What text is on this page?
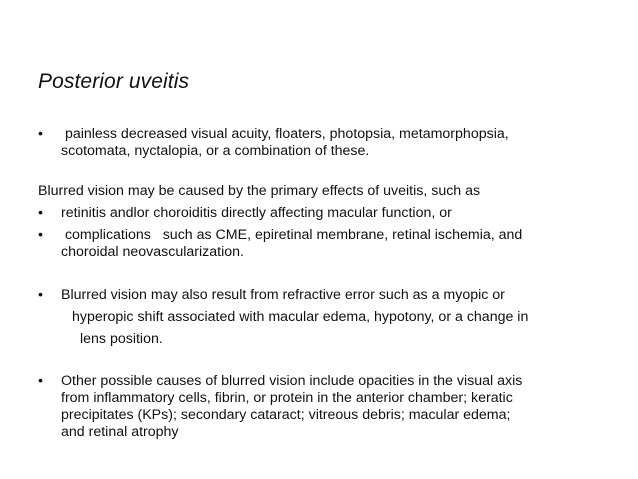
Posterior uveitis
• painless decreased visual acuity, floaters, photopsia, metamorphopsia,
scotomata, nyctalopia, or a combination of these.
Blurred vision may be caused by the primary effects of uveitis, such as
• retinitis andlor choroiditis directly affecting macular function, or
• complications   such as CME, epiretinal membrane, retinal ischemia, and
choroidal neovascularization.
• Blurred vision may also result from refractive error such as a myopic or
hyperopic shift associated with macular edema, hypotony, or a change in
lens position.
• Other possible causes of blurred vision include opacities in the visual axis
from inflammatory cells, fibrin, or protein in the anterior chamber; keratic
precipitates (KPs); secondary cataract; vitreous debris; macular edema;
and retinal atrophy
